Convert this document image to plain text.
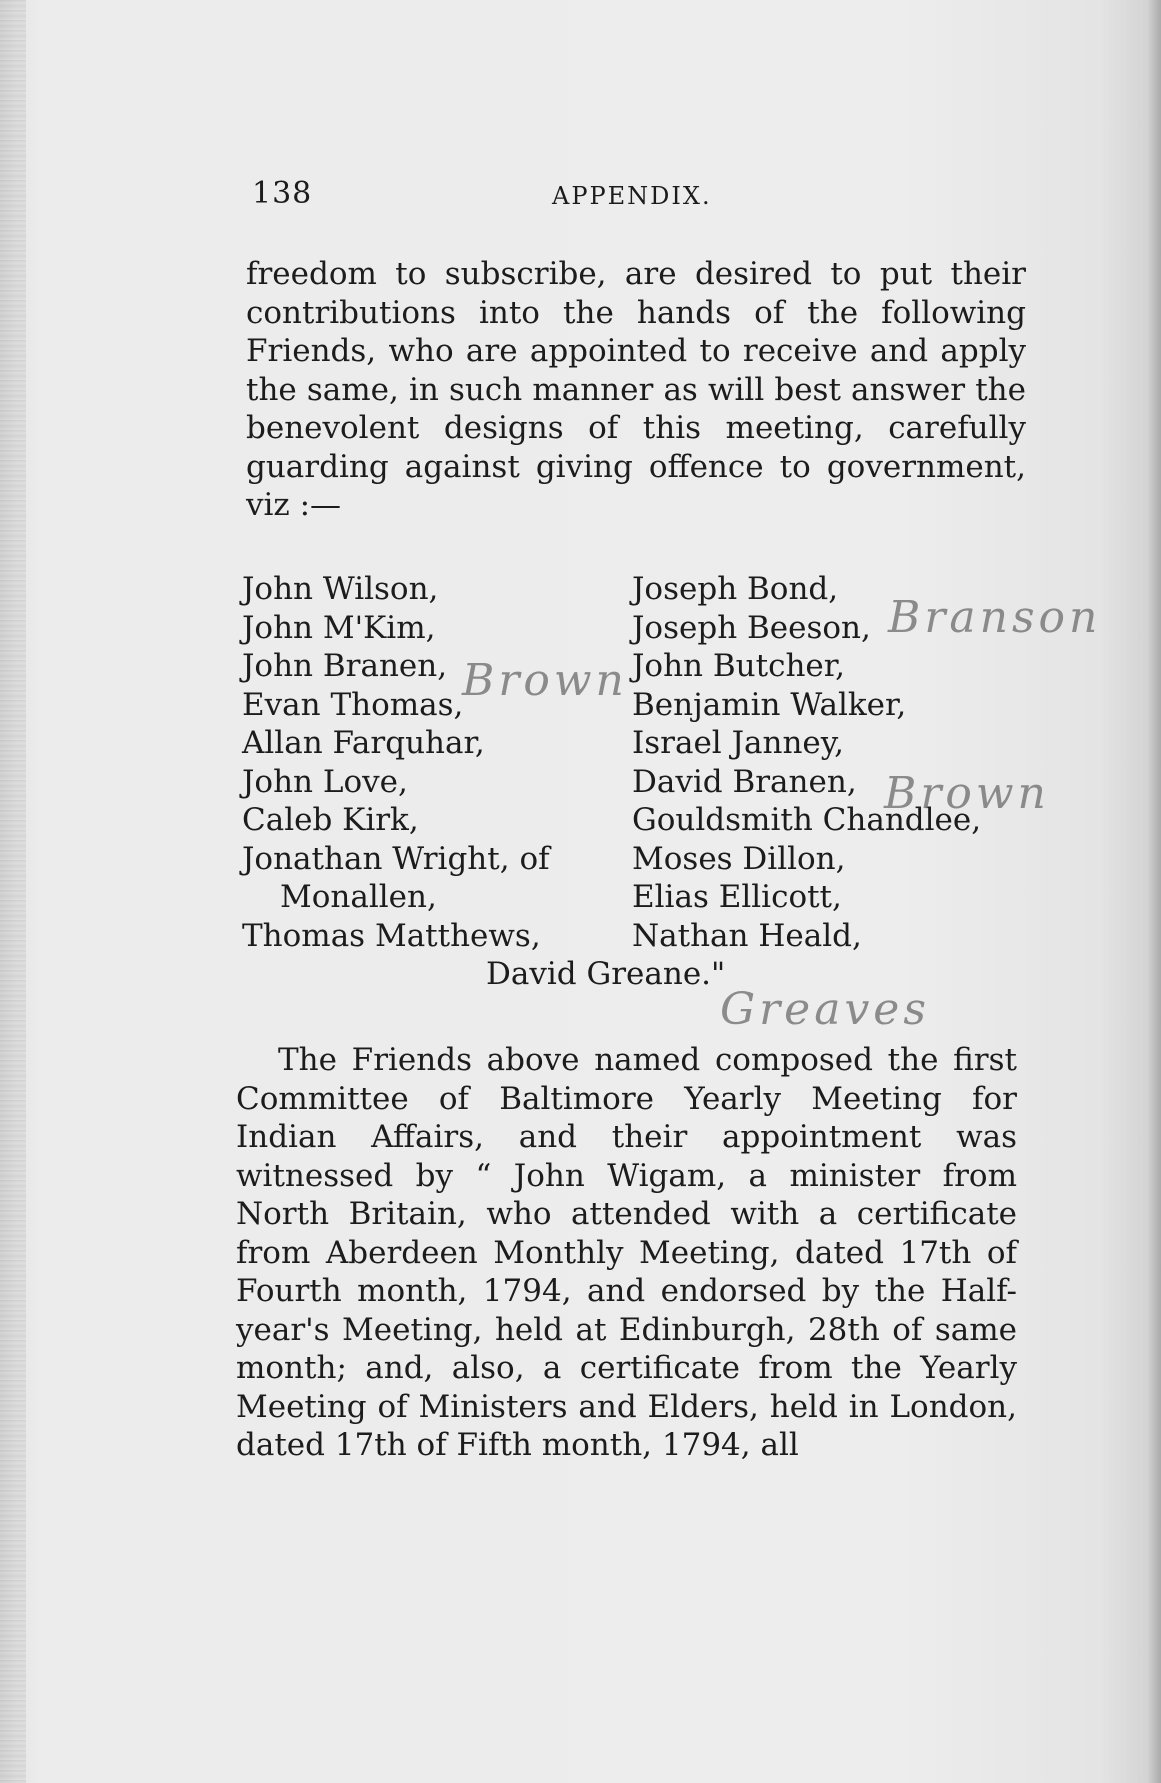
138	APPENDIX.

freedom to subscribe, are desired to put their contributions into the hands of the following Friends, who are appointed to receive and apply the same, in such manner as will best answer the benevolent designs of this meeting, carefully guarding against giving offence to government, viz :—

John Wilson,
John M'Kim,
John Branen,
Evan Thomas,
Allan Farquhar,
John Love,
Caleb Kirk,
Jonathan Wright, of
Monallen,
Thomas Matthews,
Joseph Bond,
Joseph Beeson,
John Butcher,
Benjamin Walker,
Israel Janney,
David Branen,
Gouldsmith Chandlee,
Moses Dillon,
Elias Ellicott,
Nathan Heald,
David Greane."
Branson
Brown
Brown
Greaves

The Friends above named composed the first Committee of Baltimore Yearly Meeting for Indian Affairs, and their appointment was witnessed by “ John Wigam, a minister from North Britain, who attended with a certificate from Aberdeen Monthly Meeting, dated 17th of Fourth month, 1794, and endorsed by the Half-year's Meeting, held at Edinburgh, 28th of same month; and, also, a certificate from the Yearly Meeting of Ministers and Elders, held in London, dated 17th of Fifth month, 1794, all
